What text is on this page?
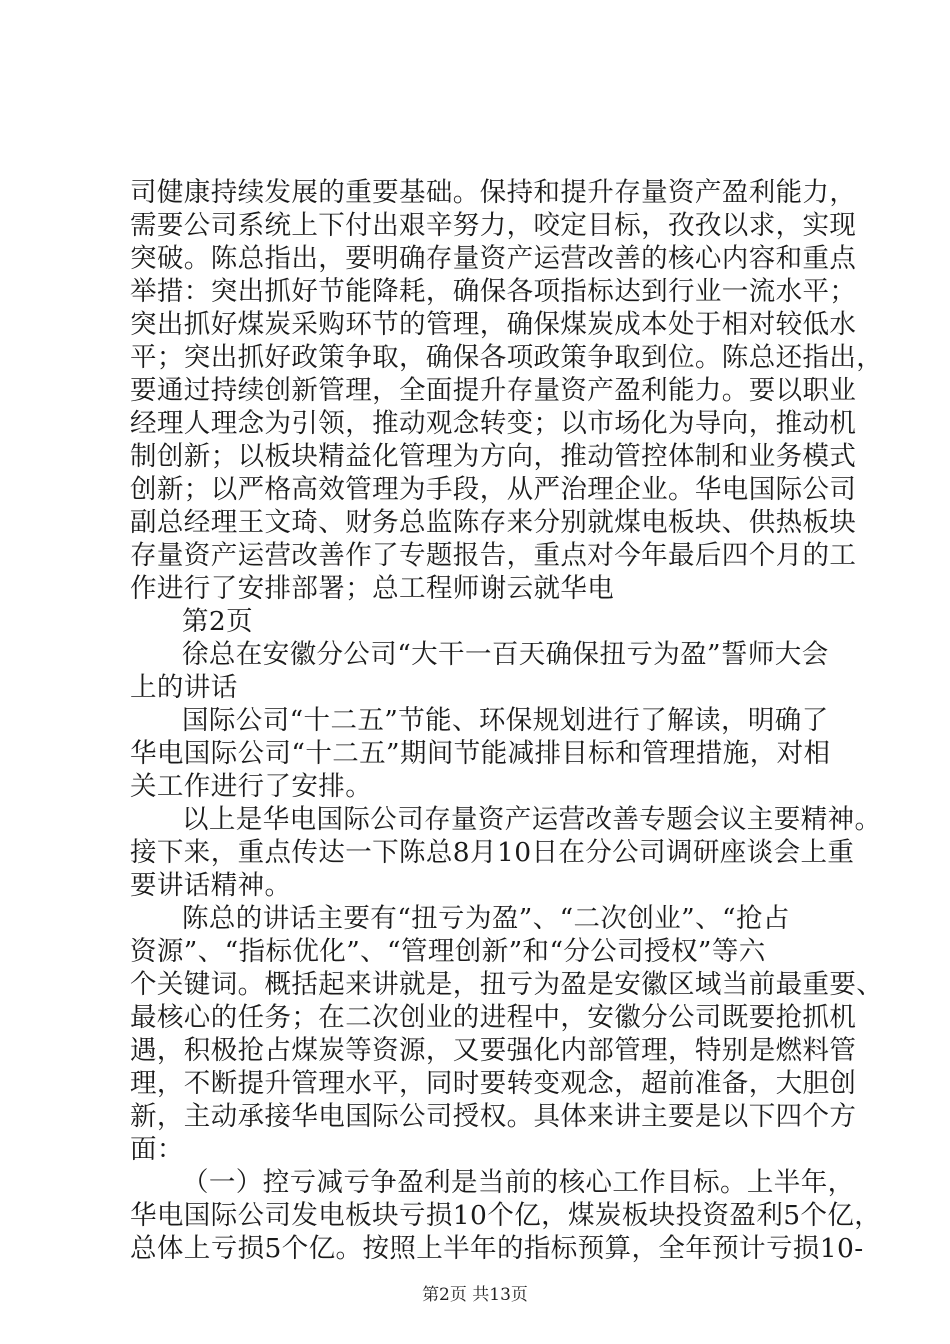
司健康持续发展的重要基础。保持和提升存量资产盈利能力，
需要公司系统上下付出艰辛努力，咬定目标，孜孜以求，实现
突破。陈总指出，要明确存量资产运营改善的核心内容和重点
举措：突出抓好节能降耗，确保各项指标达到行业一流水平；
突出抓好煤炭采购环节的管理，确保煤炭成本处于相对较低水
平；突出抓好政策争取，确保各项政策争取到位。陈总还指出，
要通过持续创新管理，全面提升存量资产盈利能力。要以职业
经理人理念为引领，推动观念转变；以市场化为导向，推动机
制创新；以板块精益化管理为方向，推动管控体制和业务模式
创新；以严格高效管理为手段，从严治理企业。华电国际公司
副总经理王文琦、财务总监陈存来分别就煤电板块、供热板块
存量资产运营改善作了专题报告，重点对今年最后四个月的工
作进行了安排部署；总工程师谢云就华电
第2页
徐总在安徽分公司“大干一百天确保扭亏为盈”誓师大会
上的讲话
国际公司“十二五”节能、环保规划进行了解读，明确了
华电国际公司“十二五”期间节能减排目标和管理措施，对相
关工作进行了安排。
以上是华电国际公司存量资产运营改善专题会议主要精神。
接下来，重点传达一下陈总8月10日在分公司调研座谈会上重
要讲话精神。
陈总的讲话主要有“扭亏为盈”、“二次创业”、“抢占
资源”、“指标优化”、“管理创新”和“分公司授权”等六
个关键词。概括起来讲就是，扭亏为盈是安徽区域当前最重要、
最核心的任务；在二次创业的进程中，安徽分公司既要抢抓机
遇，积极抢占煤炭等资源，又要强化内部管理，特别是燃料管
理，不断提升管理水平，同时要转变观念，超前准备，大胆创
新，主动承接华电国际公司授权。具体来讲主要是以下四个方
面：
（一）控亏减亏争盈利是当前的核心工作目标。上半年，
华电国际公司发电板块亏损10个亿，煤炭板块投资盈利5个亿，
第2页 共13页
总体上亏损5个亿。按照上半年的指标预算，全年预计亏损10-
